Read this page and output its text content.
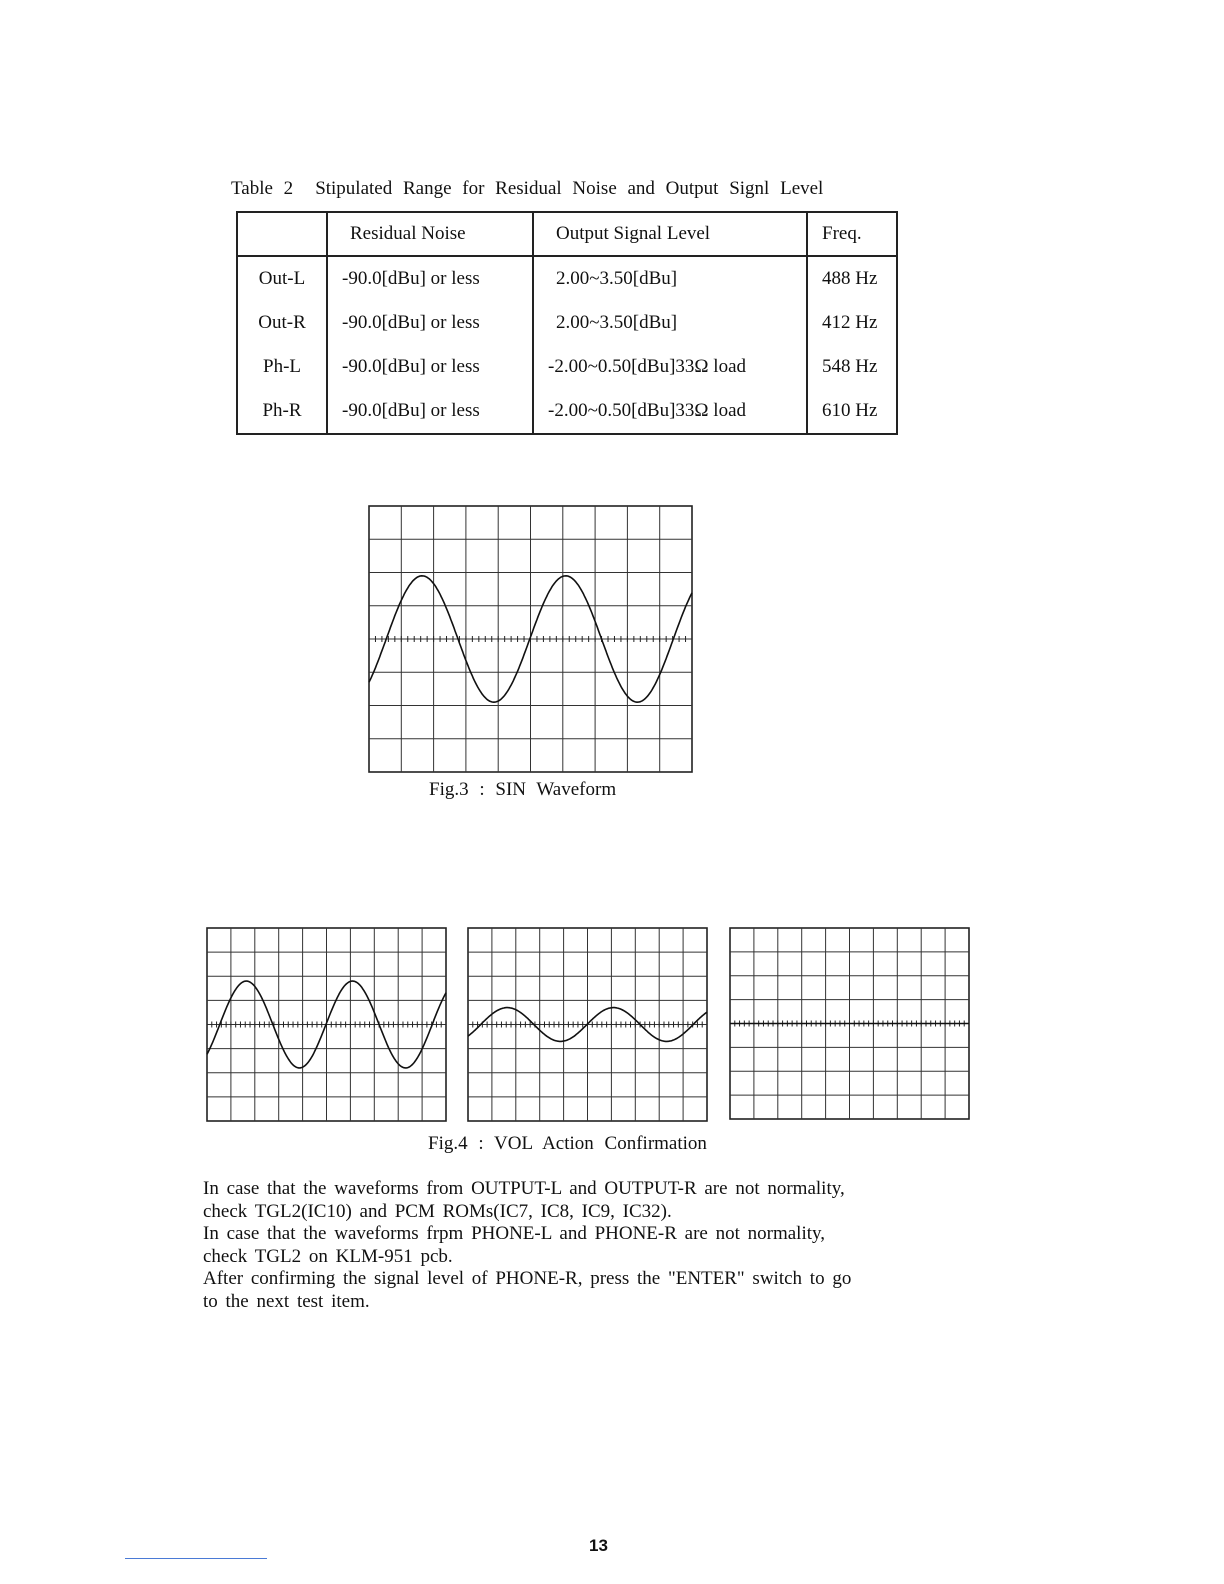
Table 2 Stipulated Range for Residual Noise and Output Signl Level
	Residual Noise	Output Signal Level	Freq.
Out-L	-90.0[dBu] or less	2.00~3.50[dBu]	488 Hz
Out-R	-90.0[dBu] or less	2.00~3.50[dBu]	412 Hz
Ph-L	-90.0[dBu] or less	-2.00~0.50[dBu]33Ω load	548 Hz
Ph-R	-90.0[dBu] or less	-2.00~0.50[dBu]33Ω load	610 Hz
Fig.3 : SIN Waveform
Fig.4 : VOL Action Confirmation

In case that the waveforms from OUTPUT-L and OUTPUT-R are not normality,

check TGL2(IC10) and PCM ROMs(IC7, IC8, IC9, IC32).

In case that the waveforms frpm PHONE-L and PHONE-R are not normality,

check TGL2 on KLM-951 pcb.

After confirming the signal level of PHONE-R, press the "ENTER" switch to go

to the next test item.

13
